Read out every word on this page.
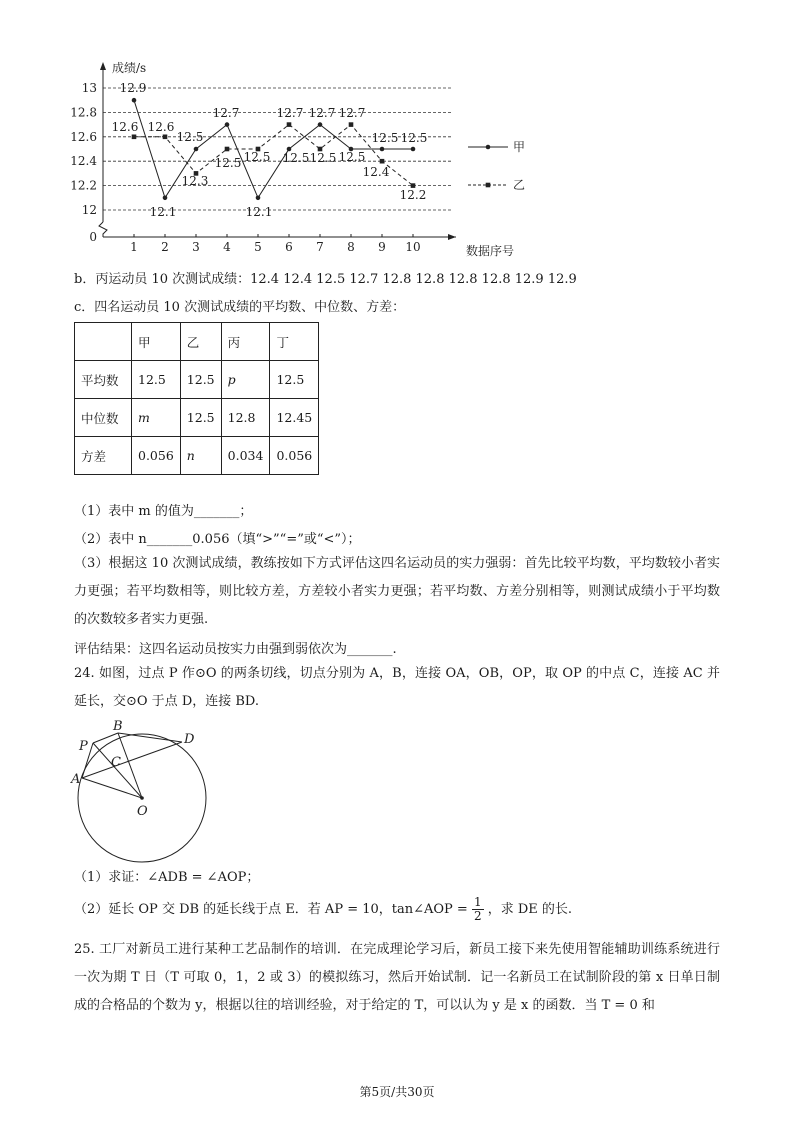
13
12.8
12.6
12.4
12.2
12
0
成绩/s
数据序号
1 2 3 4 5 6 7 8 9 10
12.9
12.1
12.7
12.1
12.7
12.5 12.5
12.6 12.6
12.3
12.5 12.5
12.7
12.5
12.7
12.4
12.2
12.5
12.5 12.5
甲
乙
b．丙运动员 10 次测试成绩：12.4 12.4 12.5 12.7 12.8 12.8 12.8 12.8 12.9 12.9
c．四名运动员 10 次测试成绩的平均数、中位数、方差：
	甲	乙	丙	丁
平均数	12.5	12.5	p	12.5
中位数	m	12.5	12.8	12.45
方差	0.056	n	0.034	0.056
（1）表中 m 的值为_______；
（2）表中 n_______0.056（填“>”“=”或“<”）；
（3）根据这 10 次测试成绩，教练按如下方式评估这四名运动员的实力强弱：首先比较平均数，平均数较小者实力更强；若平均数相等，则比较方差，方差较小者实力更强；若平均数、方差分别相等，则测试成绩小于平均数的次数较多者实力更强.
评估结果：这四名运动员按实力由强到弱依次为_______.
24. 如图，过点 P 作⊙O 的两条切线，切点分别为 A，B，连接 OA，OB，OP，取 OP 的中点 C，连接 AC 并延长，交⊙O 于点 D，连接 BD.
P
B
D
C
A
O
（1）求证：∠ADB = ∠AOP；
（2）延长 OP 交 DB 的延长线于点 E．若 AP = 10，tan∠AOP = $\frac{1}{2}$ ，求 DE 的长.
25. 工厂对新员工进行某种工艺品制作的培训．在完成理论学习后，新员工接下来先使用智能辅助训练系统进行一次为期 T 日（T 可取 0，1，2 或 3）的模拟练习，然后开始试制．记一名新员工在试制阶段的第 x 日单日制成的合格品的个数为 y，根据以往的培训经验，对于给定的 T，可以认为 y 是 x 的函数．当 T = 0 和
第5页/共30页
